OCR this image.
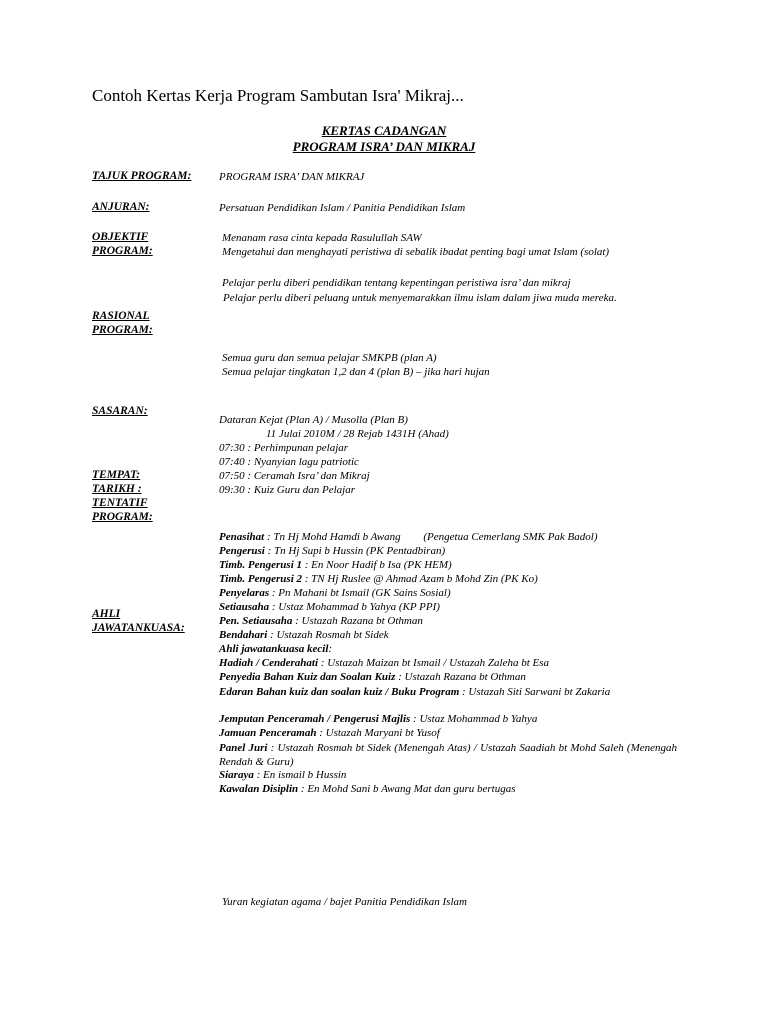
Contoh Kertas Kerja Program Sambutan Isra' Mikraj...
KERTAS CADANGAN
PROGRAM ISRA’ DAN MIKRAJ
TAJUK PROGRAM:
ANJURAN:
OBJEKTIF
PROGRAM:
RASIONAL
PROGRAM:
SASARAN:
TEMPAT:
TARIKH :
TENTATIF
PROGRAM:
AHLI
JAWATANKUASA:
PROGRAM ISRA’ DAN MIKRAJ
Persatuan Pendidikan Islam / Panitia Pendidikan Islam
Menanam rasa cinta kepada Rasulullah SAW
Mengetahui dan menghayati peristiwa di sebalik ibadat penting bagi umat Islam (solat)
Pelajar perlu diberi pendidikan tentang kepentingan peristiwa isra’ dan mikraj
Pelajar perlu diberi peluang untuk menyemarakkan ilmu islam dalam jiwa muda mereka.
Semua guru dan semua pelajar SMKPB (plan A)
Semua pelajar tingkatan 1,2 dan 4 (plan B) – jika hari hujan
Dataran Kejat (Plan A) / Musolla (Plan B)
11 Julai 2010M / 28 Rejab 1431H (Ahad)
07:30 : Perhimpunan pelajar
07:40 : Nyanyian lagu patriotic
07:50 : Ceramah Isra’ dan Mikraj
09:30 : Kuiz Guru dan Pelajar
Penasihat : Tn Hj Mohd Hamdi b Awang (Pengetua Cemerlang SMK Pak Badol)
Pengerusi : Tn Hj Supi b Hussin (PK Pentadbiran)
Timb. Pengerusi 1 : En Noor Hadif b Isa (PK HEM)
Timb. Pengerusi 2 : TN Hj Ruslee @ Ahmad Azam b Mohd Zin (PK Ko)
Penyelaras : Pn Mahani bt Ismail (GK Sains Sosial)
Setiausaha : Ustaz Mohammad b Yahya (KP PPI)
Pen. Setiausaha : Ustazah Razana bt Othman
Bendahari : Ustazah Rosmah bt Sidek
Ahli jawatankuasa kecil:
Hadiah / Cenderahati : Ustazah Maizan bt Ismail / Ustazah Zaleha bt Esa
Penyedia Bahan Kuiz dan Soalan Kuiz : Ustazah Razana bt Othman
Edaran Bahan kuiz dan soalan kuiz / Buku Program : Ustazah Siti Sarwani bt Zakaria
Jemputan Penceramah / Pengerusi Majlis : Ustaz Mohammad b Yahya
Jamuan Penceramah : Ustazah Maryani bt Yusof
Panel Juri : Ustazah Rosmah bt Sidek (Menengah Atas) / Ustazah Saadiah bt Mohd Saleh (Menengah Rendah & Guru)
Siaraya : En ismail b Hussin
Kawalan Disiplin : En Mohd Sani b Awang Mat dan guru bertugas
Yuran kegiatan agama / bajet Panitia Pendidikan Islam
